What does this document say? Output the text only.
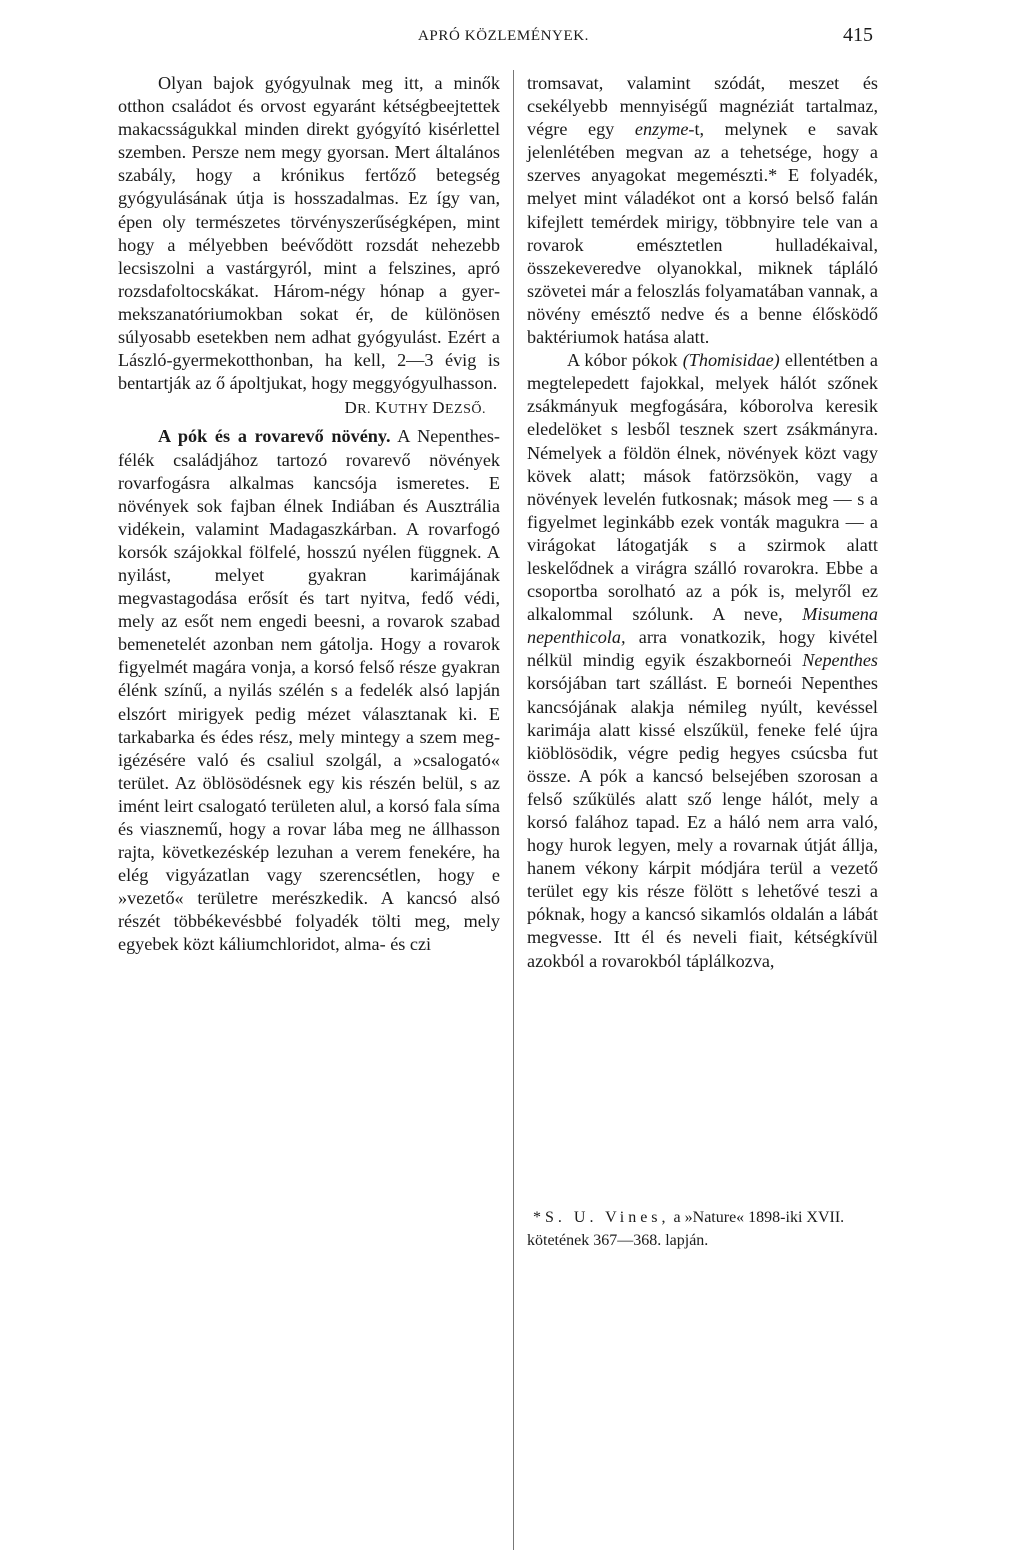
APRÓ KÖZLEMÉNYEK.	415

Olyan bajok gyógyulnak meg itt, a minők otthon családot és orvost egyaránt kétségbeejtettek makacsságukkal minden direkt gyógyító kisérlettel szemben. Persze nem megy gyorsan. Mert általános szabály, hogy a krónikus fertőző betegség gyógyulásának útja is hosszadalmas. Ez így van, épen oly természetes törvényszerűségképen, mint hogy a mélyebben beévődött rozsdát nehezebb lecsiszolni a vastárgyról, mint a felszines, apró rozsdafoltocskákat. Három-négy hónap a gyermekszanatóriumokban sokat ér, de különösen súlyosabb esetekben nem adhat gyógyulást. Ezért a László-gyermekotthonban, ha kell, 2—3 évig is bentartják az ő ápoltjukat, hogy meggyógyulhasson.

DR. KUTHY DEZSŐ.

A pók és a rovarevő növény. A Nepenthes-félék családjához tartozó rovarevő növények rovarfogásra alkalmas kancsója ismeretes. E növények sok fajban élnek Indiában és Ausztrália vidékein, valamint Madagaszkárban. A rovarfogó korsók szájokkal fölfelé, hosszú nyélen függnek. A nyilást, melyet gyakran karimájának megvastagodása erősít és tart nyitva, fedő védi, mely az esőt nem engedi beesni, a rovarok szabad bemenetelét azonban nem gátolja. Hogy a rovarok figyelmét magára vonja, a korsó felső része gyakran élénk színű, a nyilás szélén s a fedelék alsó lapján elszórt mirigyek pedig mézet választanak ki. E tarkabarka és édes rész, mely mintegy a szem megigézésére való és csaliul szolgál, a »csalogató« terület. Az öblösödésnek egy kis részén belül, s az imént leirt csalogató területen alul, a korsó fala síma és viasznemű, hogy a rovar lába meg ne állhasson rajta, következéskép lezuhan a verem fenekére, ha elég vigyázatlan vagy szerencsétlen, hogy e »vezető« területre merészkedik. A kancsó alsó részét többékevésbbé folyadék tölti meg, mely egyebek közt káliumchloridot, alma- és czi

tromsavat, valamint szódát, meszet és csekélyebb mennyiségű magnéziát tartalmaz, végre egy enzyme-t, melynek e savak jelenlétében megvan az a tehetsége, hogy a szerves anyagokat megemészti.* E folyadék, melyet mint váladékot ont a korsó belső falán kifejlett temérdek mirigy, többnyire tele van a rovarok emésztetlen hulladékaival, összekeveredve olyanokkal, miknek tápláló szövetei már a feloszlás folyamatában vannak, a növény emésztő nedve és a benne élősködő baktériumok hatása alatt.

A kóbor pókok (Thomisidae) ellentétben a megtelepedett fajokkal, melyek hálót szőnek zsákmányuk megfogására, kóborolva keresik eledelöket s lesből tesznek szert zsákmányra. Némelyek a földön élnek, növények közt vagy kövek alatt; mások fatörzsökön, vagy a növények levelén futkosnak; mások meg — s a figyelmet leginkább ezek vonták magukra — a virágokat látogatják s a szirmok alatt leskelődnek a virágra szálló rovarokra. Ebbe a csoportba sorolható az a pók is, melyről ez alkalommal szólunk. A neve, Misumena nepenthicola, arra vonatkozik, hogy kivétel nélkül mindig egyik északborneói Nepenthes korsójában tart szállást. E borneói Nepenthes kancsójának alakja némileg nyúlt, kevéssel karimája alatt kissé elszűkül, feneke felé újra kiöblösödik, végre pedig hegyes csúcsba fut össze. A pók a kancsó belsejében szorosan a felső szűkülés alatt sző lenge hálót, mely a korsó falához tapad. Ez a háló nem arra való, hogy hurok legyen, mely a rovarnak útját állja, hanem vékony kárpit módjára terül a vezető terület egy kis része fölött s lehetővé teszi a póknak, hogy a kancsó sikamlós oldalán a lábát megvesse. Itt él és neveli fiait, kétségkívül azokból a rovarokból táplálkozva,

* S. U. Vines, a »Nature« 1898-iki XVII. kötetének 367—368. lapján.
